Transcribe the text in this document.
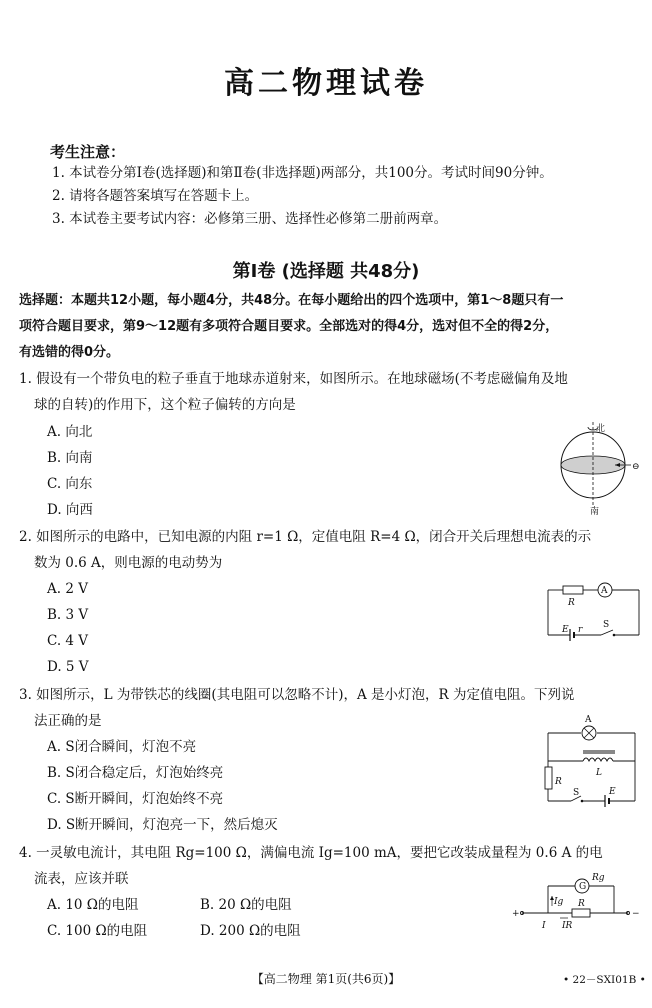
高二物理试卷
考生注意：
1. 本试卷分第Ⅰ卷(选择题)和第Ⅱ卷(非选择题)两部分，共100分。考试时间90分钟。
2. 请将各题答案填写在答题卡上。
3. 本试卷主要考试内容：必修第三册、选择性必修第二册前两章。
第Ⅰ卷 (选择题 共48分)
选择题：本题共12小题，每小题4分，共48分。在每小题给出的四个选项中，第1～8题只有一
项符合题目要求，第9～12题有多项符合题目要求。全部选对的得4分，选对但不全的得2分，
有选错的得0分。
1. 假设有一个带负电的粒子垂直于地球赤道射来，如图所示。在地球磁场(不考虑磁偏角及地
球的自转)的作用下，这个粒子偏转的方向是
A. 向北
B. 向南
C. 向东
D. 向西
北
南
⊖
2. 如图所示的电路中，已知电源的内阻 r=1 Ω，定值电阻 R=4 Ω，闭合开关后理想电流表的示
数为 0.6 A，则电源的电动势为
A. 2 V
B. 3 V
C. 4 V
D. 5 V
R
A
E r S
3. 如图所示，L 为带铁芯的线圈(其电阻可以忽略不计)，A 是小灯泡，R 为定值电阻。下列说
法正确的是
A. S闭合瞬间，灯泡不亮
B. S闭合稳定后，灯泡始终亮
C. S断开瞬间，灯泡始终不亮
D. S断开瞬间，灯泡亮一下，然后熄灭
A
L
R
S	E
4. 一灵敏电流计，其电阻 Rg=100 Ω，满偏电流 Ig=100 mA，要把它改装成量程为 0.6 A 的电
流表，应该并联
A. 10 Ω的电阻	B. 20 Ω的电阻
C. 100 Ω的电阻	D. 200 Ω的电阻
+	−
G
Rg
Ig R
I IR
【高二物理 第1页(共6页)】	• 22－SXI01B •
